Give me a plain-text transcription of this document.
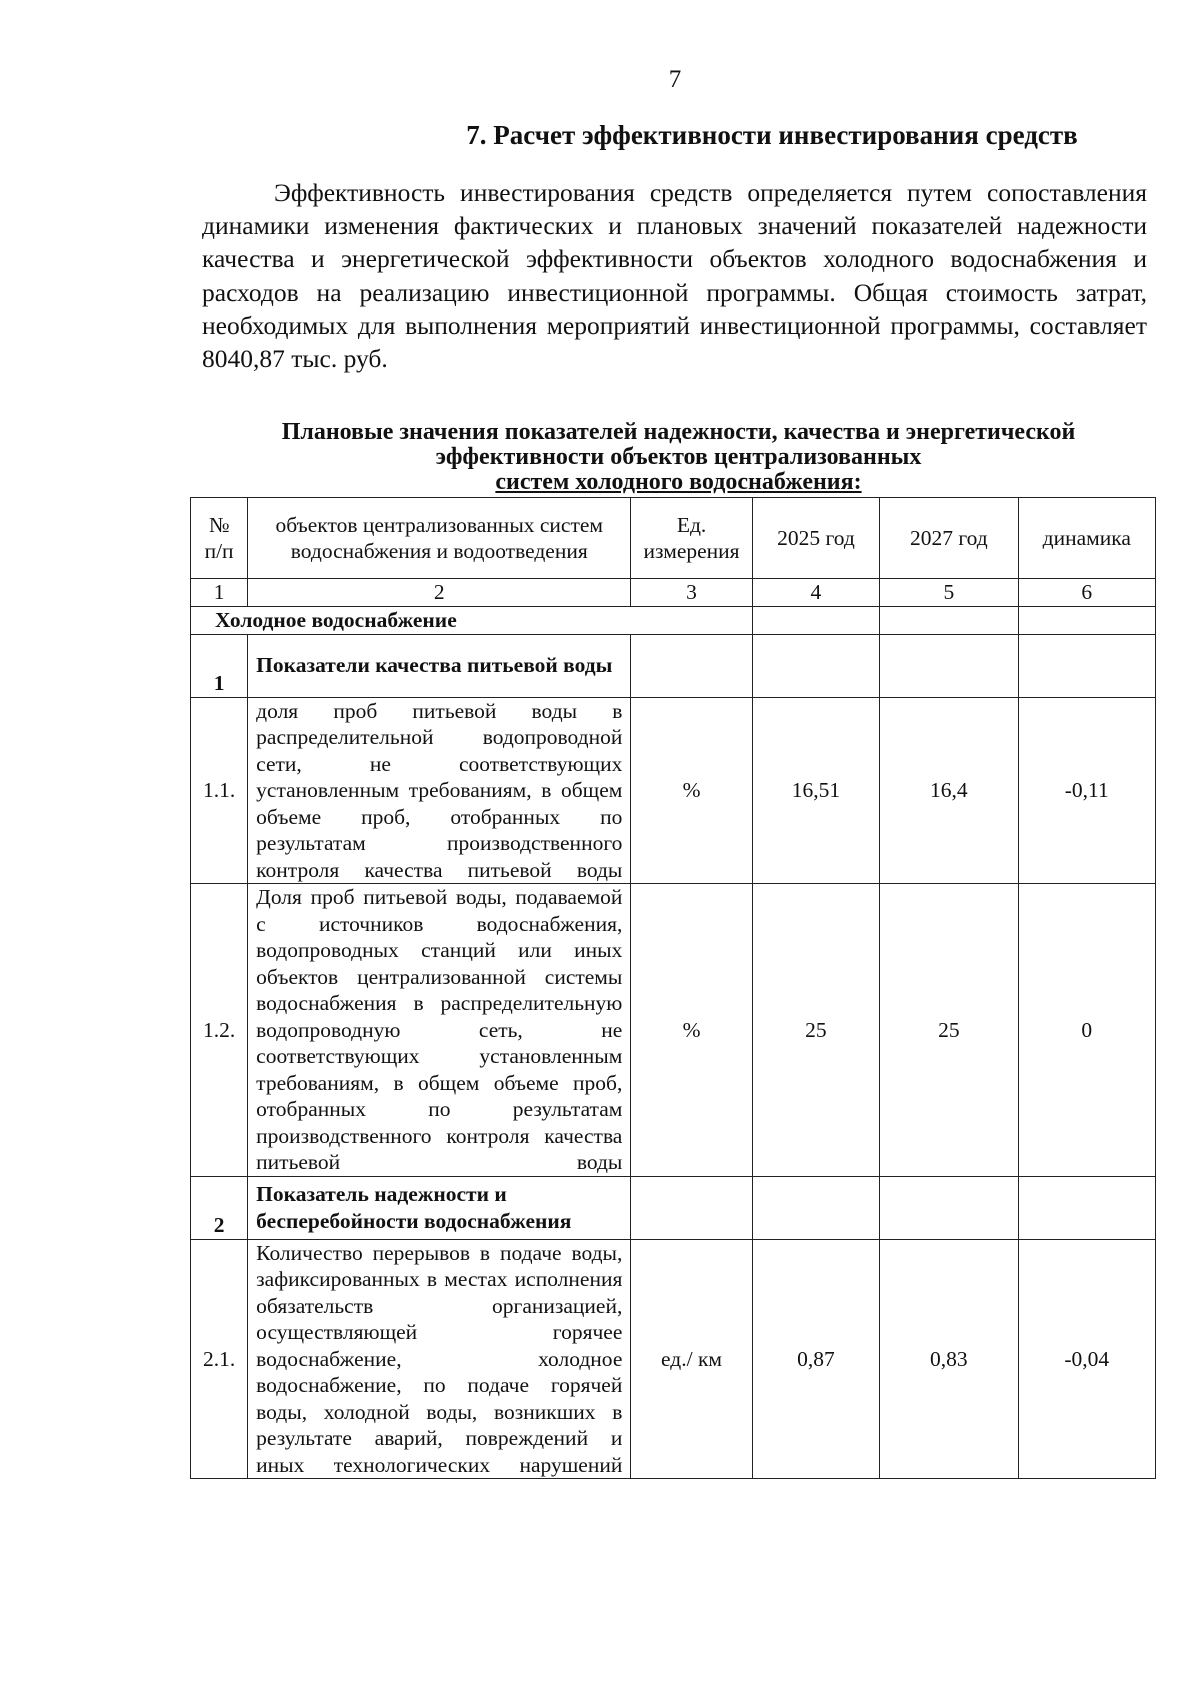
7
7. Расчет эффективности инвестирования средств

Эффективность инвестирования средств определяется путем сопоставления динамики изменения фактических и плановых значений показателей надежности качества и энергетической эффективности объектов холодного водоснабжения и расходов на реализацию инвестиционной программы. Общая стоимость затрат, необходимых для выполнения мероприятий инвестиционной программы, составляет 8040,87 тыс. руб.

Плановые значения показателей надежности, качества и энергетической
эффективности объектов централизованных
систем холодного водоснабжения:
№ п/п	объектов централизованных систем водоснабжения и водоотведения	Ед. измерения	2025 год	2027 год	динамика
1	2	3	4	5	6
Холодное водоснабжение					
1	Показатели качества питьевой воды				
1.1.	доля проб питьевой воды в распределительной водопроводной сети, не соответствующих установленным требованиям, в общем объеме проб, отобранных по результатам производственного контроля качества питьевой воды	%	16,51	16,4	-0,11
1.2.	Доля проб питьевой воды, подаваемой с источников водоснабжения, водопроводных станций или иных объектов централизованной системы водоснабжения в распределительную водопроводную сеть, не соответствующих установленным требованиям, в общем объеме проб, отобранных по результатам производственного контроля качества питьевой воды	%	25	25	0
2	Показатель надежности и бесперебойности водоснабжения				
2.1.	Количество перерывов в подаче воды, зафиксированных в местах исполнения обязательств организацией, осуществляющей горячее водоснабжение, холодное водоснабжение, по подаче горячей воды, холодной воды, возникших в результате аварий, повреждений и иных технологических нарушений	ед./ км	0,87	0,83	-0,04
